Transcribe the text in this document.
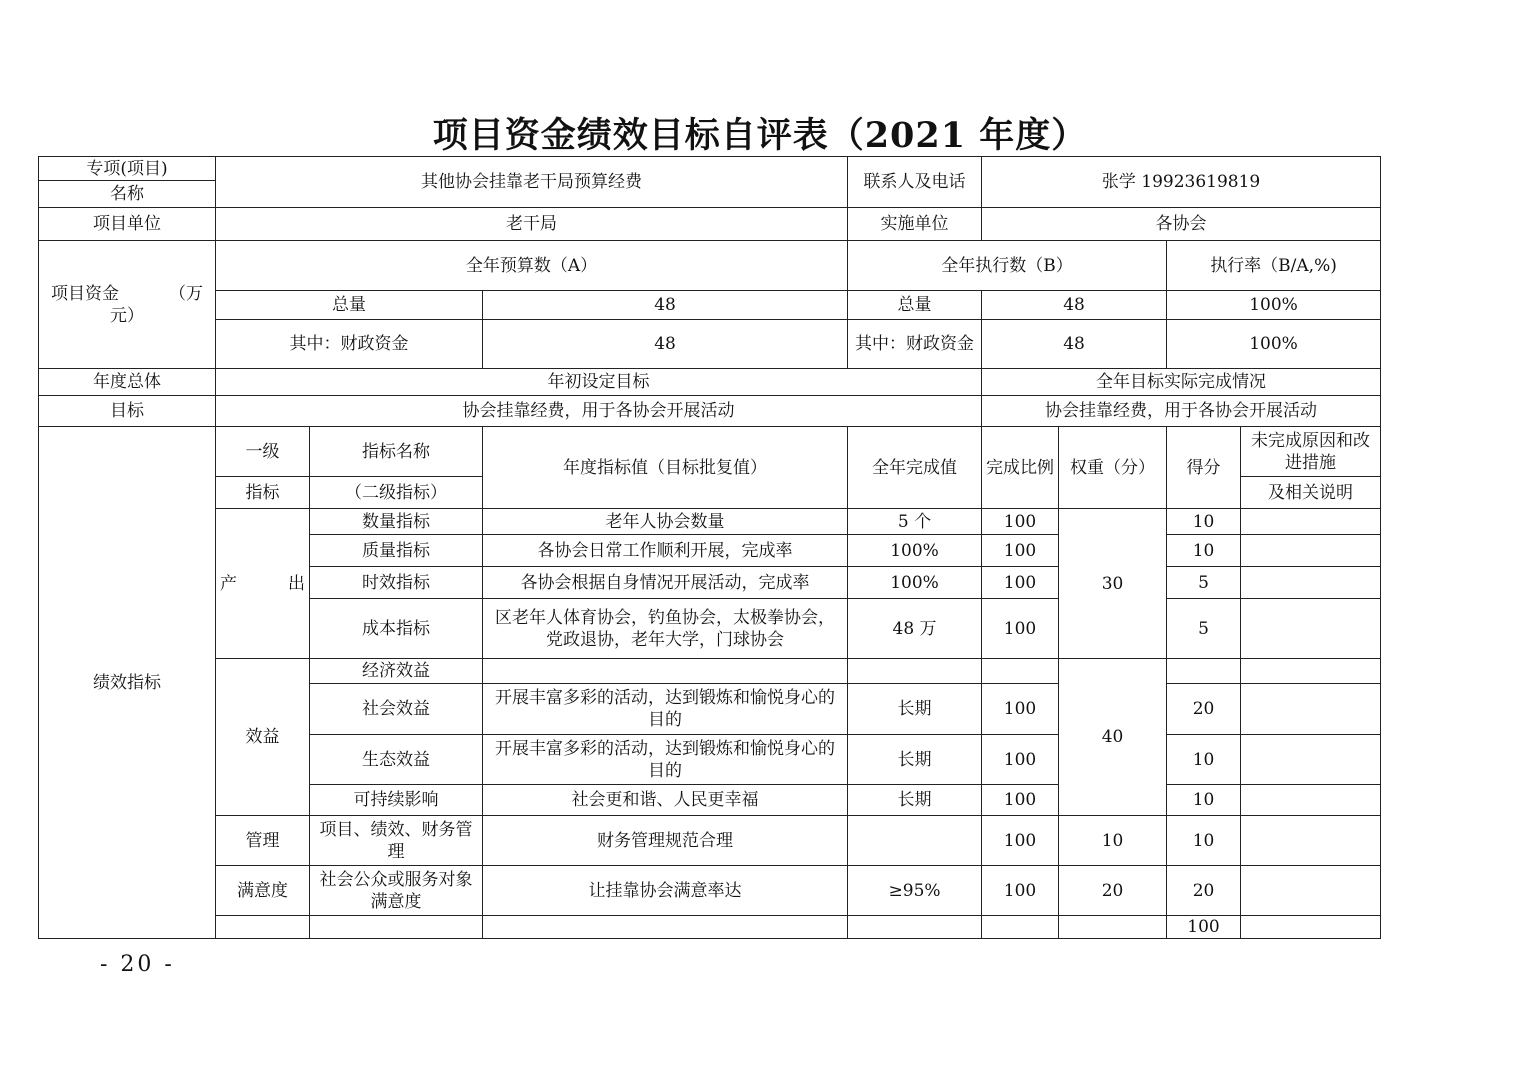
项目资金绩效目标自评表（2021 年度）
专项(项目)	其他协会挂靠老干局预算经费			联系人及电话	张学 19923619819				
名称									
项目单位	老干局			实施单位	各协会				

项目资金 （万
元）	全年预算数（A）			全年执行数（B）			执行率（B/A,%)		
	总量		48	总量	48		100%		
	其中：财政资金		48	其中：财政资金	48		100%		
年度总体	年初设定目标				全年目标实际完成情况				
目标	协会挂靠经费，用于各协会开展活动				协会挂靠经费，用于各协会开展活动				
绩效指标	一级	指标名称	年度指标值（目标批复值）	全年完成值	完成比例	权重（分）	得分	未完成原因和改进措施	
	指标	（二级指标）						及相关说明	

	产 出	数量指标	老年人协会数量	5 个	100	30	10		
		质量指标	各协会日常工作顺利开展，完成率	100%	100		10		
		时效指标	各协会根据自身情况开展活动，完成率	100%	100		5		
		成本指标	区老年人体育协会，钓鱼协会，太极拳协会，党政退协，老年大学，门球协会	48 万	100		5		
	效益	经济效益				40			
		社会效益	开展丰富多彩的活动，达到锻炼和愉悦身心的目的	长期	100		20		
		生态效益	开展丰富多彩的活动，达到锻炼和愉悦身心的目的	长期	100		10		
		可持续影响	社会更和谐、人民更幸福	长期	100		10		
	管理	项目、绩效、财务管理	财务管理规范合理		100	10	10		
	满意度	社会公众或服务对象满意度	让挂靠协会满意率达	≥95%	100	20	20		
							100		
- 20 -
